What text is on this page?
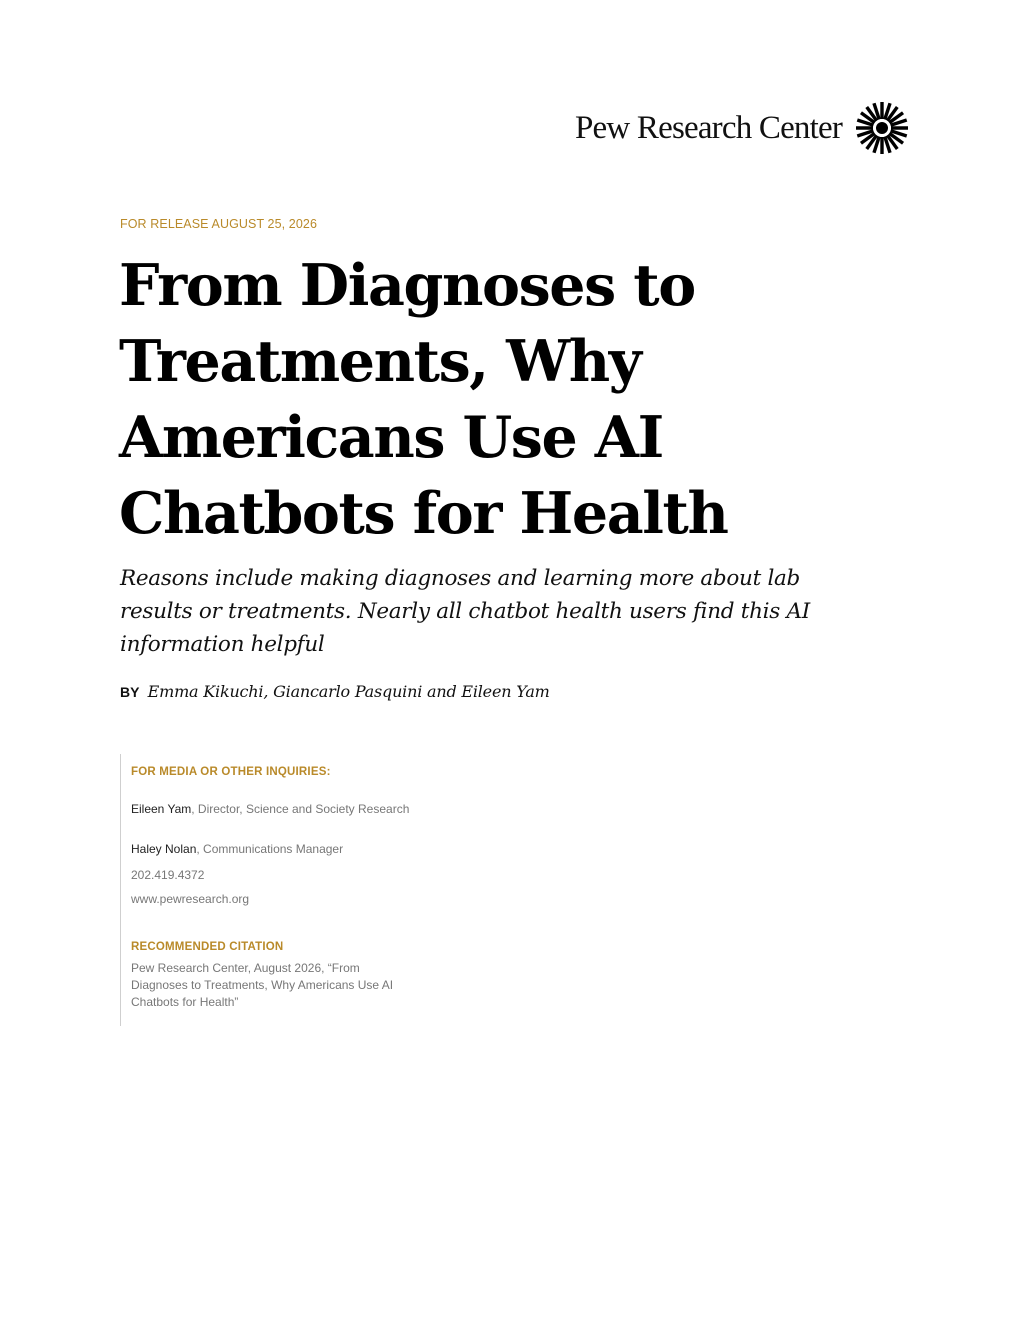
Pew Research Center
FOR RELEASE AUGUST 25, 2026
From Diagnoses to
Treatments, Why
Americans Use AI
Chatbots for Health

Reasons include making diagnoses and learning more about lab
results or treatments. Nearly all chatbot health users find this AI
information helpful

BY Emma Kikuchi, Giancarlo Pasquini and Eileen Yam
FOR MEDIA OR OTHER INQUIRIES:
Eileen Yam, Director, Science and Society Research
Haley Nolan, Communications Manager
202.419.4372
www.pewresearch.org
RECOMMENDED CITATION
Pew Research Center, August 2026, “From Diagnoses to Treatments, Why Americans Use AI Chatbots for Health”
